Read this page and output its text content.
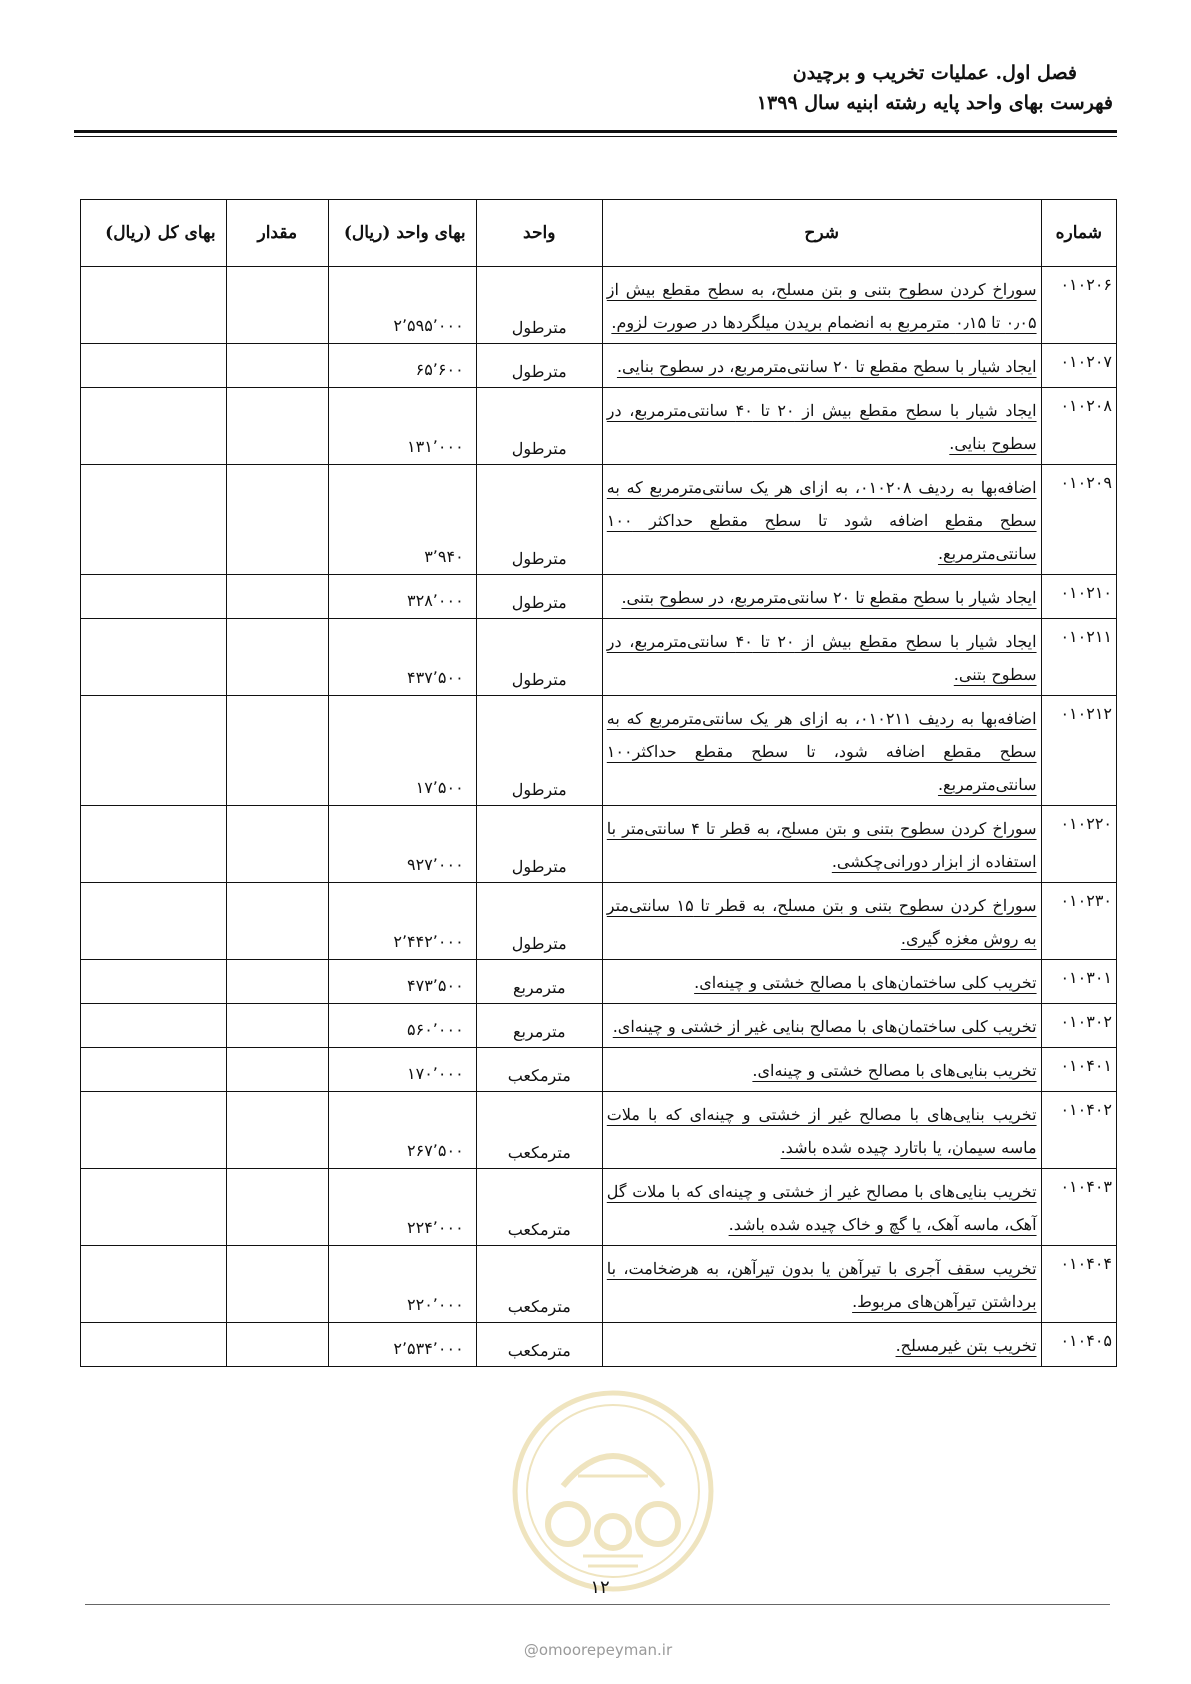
فصل اول. عملیات تخریب و برچیدن
فهرست بهای واحد پایه رشته ابنیه سال ۱۳۹۹
شماره	شرح	واحد	بهای واحد (ریال)	مقدار	بهای کل (ریال)
۰۱۰۲۰۶	سوراخ کردن سطوح بتنی و بتن مسلح، به سطح مقطع بیش از ۰٫۰۵ تا ۰٫۱۵ مترمربع به انضمام بریدن میلگردها در صورت لزوم.	مترطول	۲٬۵۹۵٬۰۰۰		
۰۱۰۲۰۷	ایجاد شیار با سطح مقطع تا ۲۰ سانتی‌مترمربع، در سطوح بنایی.	مترطول	۶۵٬۶۰۰		
۰۱۰۲۰۸	ایجاد شیار با سطح مقطع بیش از ۲۰ تا ۴۰ سانتی‌مترمربع، در سطوح بنایی.	مترطول	۱۳۱٬۰۰۰		
۰۱۰۲۰۹	اضافه‌بها به ردیف ۰۱۰۲۰۸، به ازای هر یک سانتی‌مترمربع که به سطح مقطع اضافه شود تا سطح مقطع حداکثر ۱۰۰ سانتی‌مترمربع.	مترطول	۳٬۹۴۰		
۰۱۰۲۱۰	ایجاد شیار با سطح مقطع تا ۲۰ سانتی‌مترمربع، در سطوح بتنی.	مترطول	۳۲۸٬۰۰۰		
۰۱۰۲۱۱	ایجاد شیار با سطح مقطع بیش از ۲۰ تا ۴۰ سانتی‌مترمربع، در سطوح بتنی.	مترطول	۴۳۷٬۵۰۰		
۰۱۰۲۱۲	اضافه‌بها به ردیف ۰۱۰۲۱۱، به ازای هر یک سانتی‌مترمربع که به سطح مقطع اضافه شود، تا سطح مقطع حداکثر۱۰۰ سانتی‌مترمربع.	مترطول	۱۷٬۵۰۰		
۰۱۰۲۲۰	سوراخ کردن سطوح بتنی و بتن مسلح، به قطر تا ۴ سانتی‌متر با استفاده از ابزار دورانی‌چکشی.	مترطول	۹۲۷٬۰۰۰		
۰۱۰۲۳۰	سوراخ کردن سطوح بتنی و بتن مسلح، به قطر تا ۱۵ سانتی‌متر به روش مغزه گیری.	مترطول	۲٬۴۴۲٬۰۰۰		
۰۱۰۳۰۱	تخریب کلی ساختمان‌های با مصالح خشتی و چینه‌ای.	مترمربع	۴۷۳٬۵۰۰		
۰۱۰۳۰۲	تخریب کلی ساختمان‌های با مصالح بنایی غیر از خشتی و چینه‌ای.	مترمربع	۵۶۰٬۰۰۰		
۰۱۰۴۰۱	تخریب بنایی‌های با مصالح خشتی و چینه‌ای.	مترمکعب	۱۷۰٬۰۰۰		
۰۱۰۴۰۲	تخریب بنایی‌های با مصالح غیر از خشتی و چینه‌ای که با ملات ماسه سیمان، یا باتارد چیده شده باشد.	مترمکعب	۲۶۷٬۵۰۰		
۰۱۰۴۰۳	تخریب بنایی‌های با مصالح غیر از خشتی و چینه‌ای که با ملات گل آهک، ماسه آهک، یا گچ و خاک چیده شده باشد.	مترمکعب	۲۲۴٬۰۰۰		
۰۱۰۴۰۴	تخریب سقف آجری با تیرآهن یا بدون تیرآهن، به هرضخامت، با برداشتن تیرآهن‌های مربوط.	مترمکعب	۲۲۰٬۰۰۰		
۰۱۰۴۰۵	تخریب بتن غیرمسلح.	مترمکعب	۲٬۵۳۴٬۰۰۰		
۱۲
@omoorepeyman.ir
